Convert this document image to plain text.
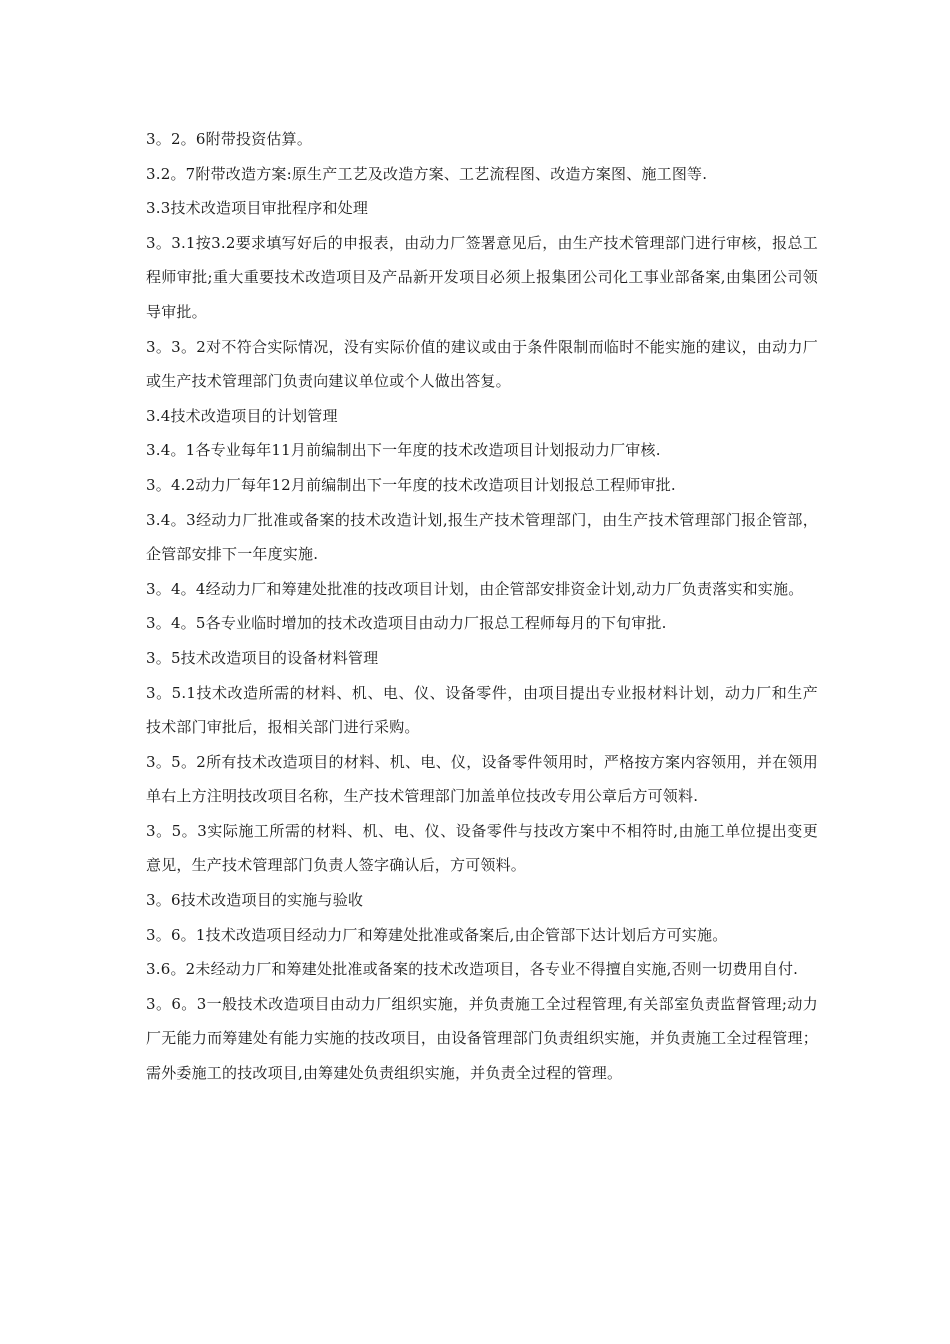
3。2。6附带投资估算。

3.2。7附带改造方案:原生产工艺及改造方案、工艺流程图、改造方案图、施工图等.

3.3技术改造项目审批程序和处理

3。3.1按3.2要求填写好后的申报表，由动力厂签署意见后，由生产技术管理部门进行审核，报总工程师审批;重大重要技术改造项目及产品新开发项目必须上报集团公司化工事业部备案,由集团公司领导审批。

3。3。2对不符合实际情况，没有实际价值的建议或由于条件限制而临时不能实施的建议，由动力厂或生产技术管理部门负责向建议单位或个人做出答复。

3.4技术改造项目的计划管理

3.4。1各专业每年11月前编制出下一年度的技术改造项目计划报动力厂审核.

3。4.2动力厂每年12月前编制出下一年度的技术改造项目计划报总工程师审批.

3.4。3经动力厂批准或备案的技术改造计划,报生产技术管理部门，由生产技术管理部门报企管部，企管部安排下一年度实施.

3。4。4经动力厂和筹建处批准的技改项目计划，由企管部安排资金计划,动力厂负责落实和实施。

3。4。5各专业临时增加的技术改造项目由动力厂报总工程师每月的下旬审批.

3。5技术改造项目的设备材料管理

3。5.1技术改造所需的材料、机、电、仪、设备零件，由项目提出专业报材料计划，动力厂和生产技术部门审批后，报相关部门进行采购。

3。5。2所有技术改造项目的材料、机、电、仪，设备零件领用时，严格按方案内容领用，并在领用单右上方注明技改项目名称，生产技术管理部门加盖单位技改专用公章后方可领料.

3。5。3实际施工所需的材料、机、电、仪、设备零件与技改方案中不相符时,由施工单位提出变更意见，生产技术管理部门负责人签字确认后，方可领料。

3。6技术改造项目的实施与验收

3。6。1技术改造项目经动力厂和筹建处批准或备案后,由企管部下达计划后方可实施。

3.6。2未经动力厂和筹建处批准或备案的技术改造项目，各专业不得擅自实施,否则一切费用自付.

3。6。3一般技术改造项目由动力厂组织实施，并负责施工全过程管理,有关部室负责监督管理;动力厂无能力而筹建处有能力实施的技改项目，由设备管理部门负责组织实施，并负责施工全过程管理；需外委施工的技改项目,由筹建处负责组织实施，并负责全过程的管理。
